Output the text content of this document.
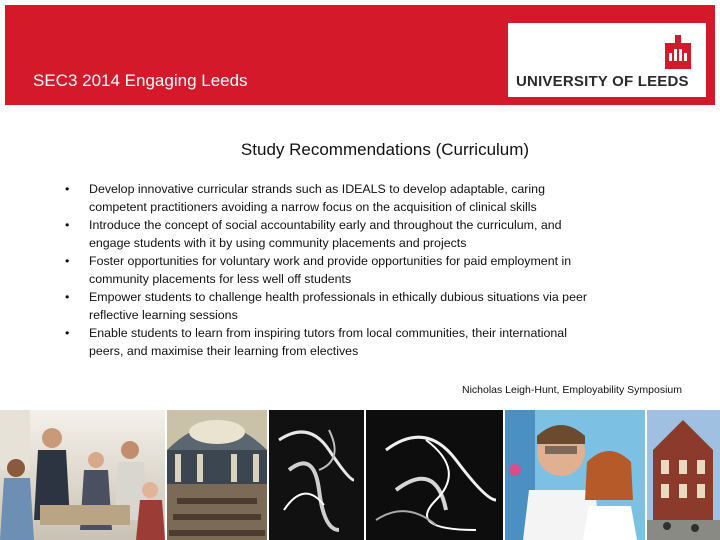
SEC3 2014 Engaging Leeds	UNIVERSITY OF LEEDS
Study Recommendations (Curriculum)
•	Develop innovative curricular strands such as IDEALS to develop adaptable, caring
competent practitioners avoiding a narrow focus on the acquisition of clinical skills
•	Introduce the concept of social accountability early and throughout the curriculum, and
engage students with it by using community placements and projects
•	Foster opportunities for voluntary work and provide opportunities for paid employment in
community placements for less well off students
•	Empower students to challenge health professionals in ethically dubious situations via peer
reflective learning sessions
•	Enable students to learn from inspiring tutors from local communities, their international
peers, and maximise their learning from electives
Nicholas Leigh-Hunt, Employability Symposium
